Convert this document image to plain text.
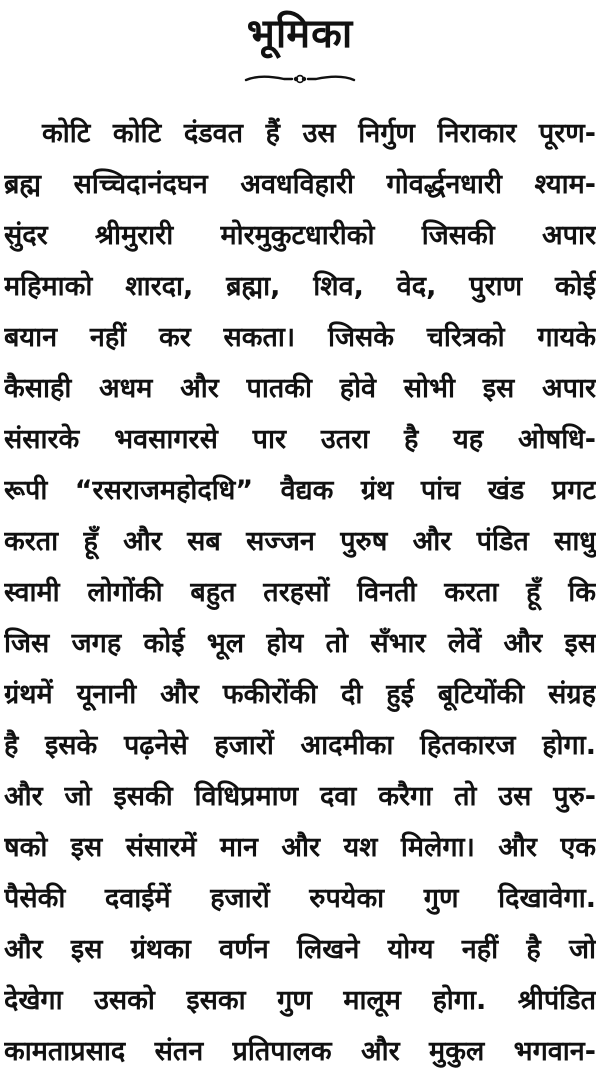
भूमिका
कोटि कोटि दंडवत हैं उस निर्गुण निराकार पूरण-
ब्रह्म सच्चिदानंदघन अवधविहारी गोवर्द्धनधारी श्याम-
सुंदर श्रीमुरारी मोरमुकुटधारीको जिसकी अपार
महिमाको शारदा, ब्रह्मा, शिव, वेद, पुराण कोई
बयान नहीं कर सकता। जिसके चरित्रको गायके
कैसाही अधम और पातकी होवे सोभी इस अपार
संसारके भवसागरसे पार उतरा है यह ओषधि-
रूपी “रसराजमहोदधि” वैद्यक ग्रंथ पांच खंड प्रगट
करता हूँ और सब सज्जन पुरुष और पंडित साधु
स्वामी लोगोंकी बहुत तरहसों विनती करता हूँ कि
जिस जगह कोई भूल होय तो सँभार लेवें और इस
ग्रंथमें यूनानी और फकीरोंकी दी हुई बूटियोंकी संग्रह
है इसके पढ़नेसे हजारों आदमीका हितकारज होगा.
और जो इसकी विधिप्रमाण दवा करैगा तो उस पुरु-
षको इस संसारमें मान और यश मिलेगा। और एक
पैसेकी दवाईमें हजारों रुपयेका गुण दिखावेगा.
और इस ग्रंथका वर्णन लिखने योग्य नहीं है जो
देखेगा उसको इसका गुण मालूम होगा. श्रीपंडित
कामताप्रसाद संतन प्रतिपालक और मुकुल भगवान-
